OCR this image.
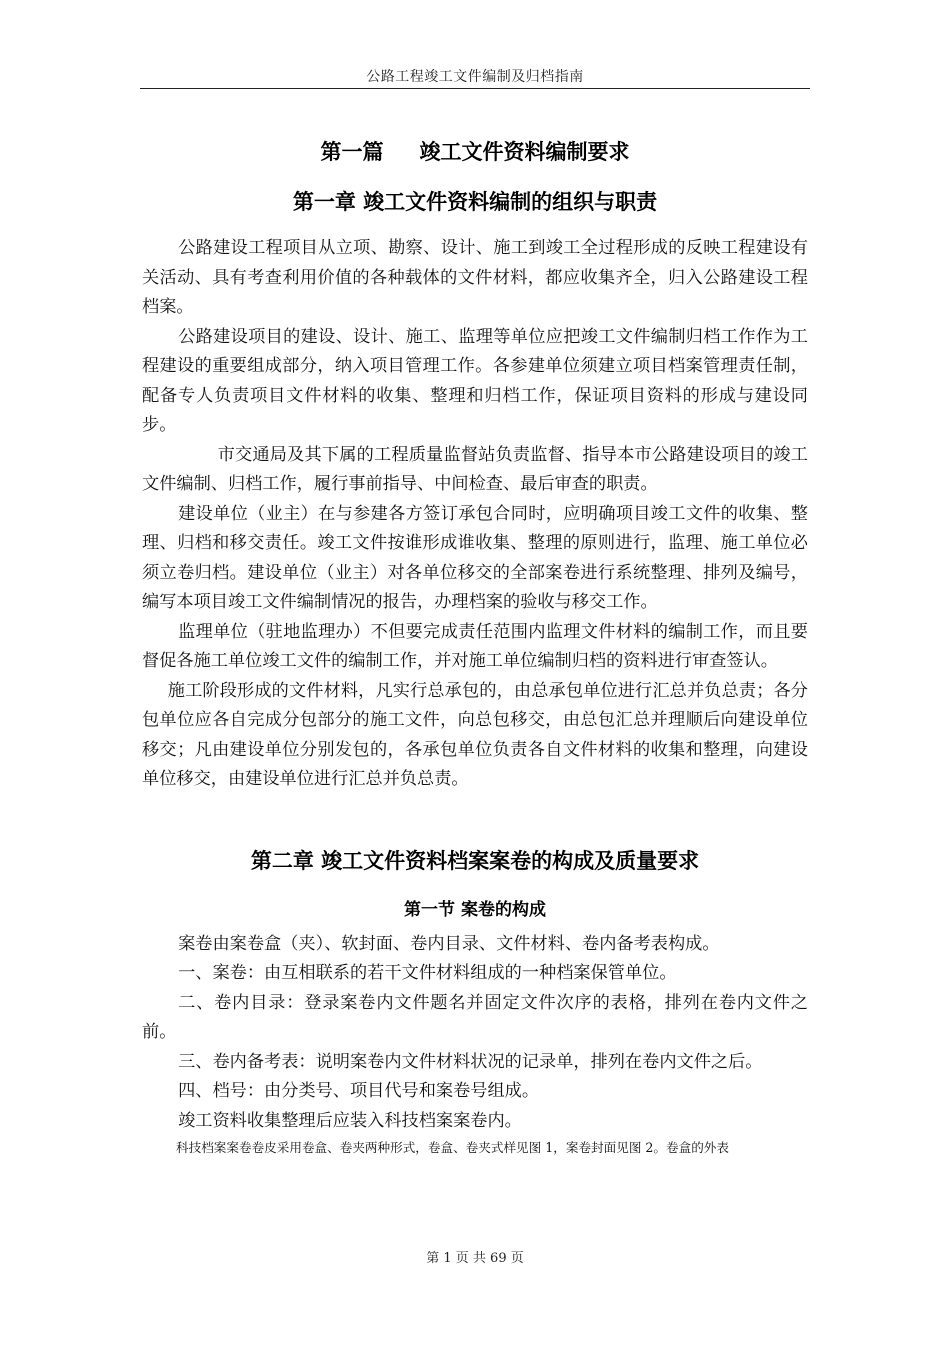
公路工程竣工文件编制及归档指南
第一篇 竣工文件资料编制要求
第一章 竣工文件资料编制的组织与职责

公路建设工程项目从立项、勘察、设计、施工到竣工全过程形成的反映工程建设有关活动、具有考查利用价值的各种载体的文件材料，都应收集齐全，归入公路建设工程档案。

公路建设项目的建设、设计、施工、监理等单位应把竣工文件编制归档工作作为工程建设的重要组成部分，纳入项目管理工作。各参建单位须建立项目档案管理责任制，配备专人负责项目文件材料的收集、整理和归档工作，保证项目资料的形成与建设同步。

市交通局及其下属的工程质量监督站负责监督、指导本市公路建设项目的竣工文件编制、归档工作，履行事前指导、中间检查、最后审查的职责。

建设单位（业主）在与参建各方签订承包合同时，应明确项目竣工文件的收集、整理、归档和移交责任。竣工文件按谁形成谁收集、整理的原则进行，监理、施工单位必须立卷归档。建设单位（业主）对各单位移交的全部案卷进行系统整理、排列及编号，编写本项目竣工文件编制情况的报告，办理档案的验收与移交工作。

监理单位（驻地监理办）不但要完成责任范围内监理文件材料的编制工作，而且要督促各施工单位竣工文件的编制工作，并对施工单位编制归档的资料进行审查签认。

施工阶段形成的文件材料，凡实行总承包的，由总承包单位进行汇总并负总责；各分包单位应各自完成分包部分的施工文件，向总包移交，由总包汇总并理顺后向建设单位移交；凡由建设单位分别发包的，各承包单位负责各自文件材料的收集和整理，向建设单位移交，由建设单位进行汇总并负总责。

第二章 竣工文件资料档案案卷的构成及质量要求
第一节 案卷的构成

案卷由案卷盒（夹）、软封面、卷内目录、文件材料、卷内备考表构成。

一、案卷：由互相联系的若干文件材料组成的一种档案保管单位。

二、卷内目录：登录案卷内文件题名并固定文件次序的表格，排列在卷内文件之前。

三、卷内备考表：说明案卷内文件材料状况的记录单，排列在卷内文件之后。

四、档号：由分类号、项目代号和案卷号组成。

竣工资料收集整理后应装入科技档案案卷内。

科技档案案卷卷皮采用卷盒、卷夹两种形式，卷盒、卷夹式样见图 1，案卷封面见图 2。卷盒的外表

第 1 页 共 69 页
